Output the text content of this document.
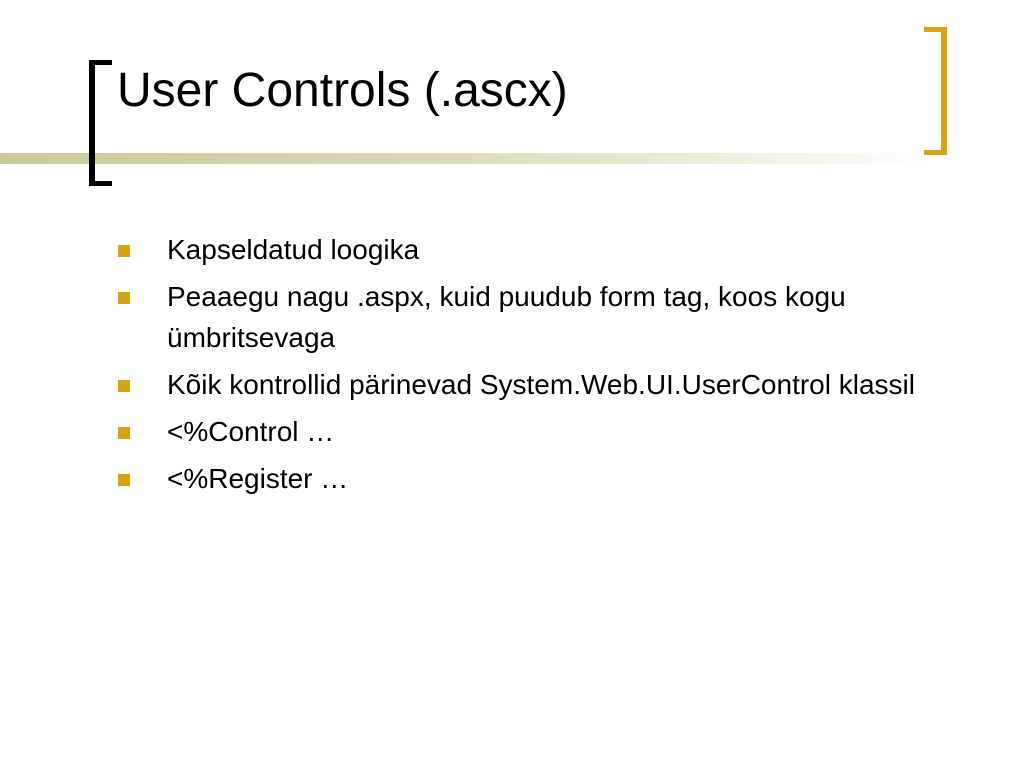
User Controls (.ascx)
Kapseldatud loogika
Peaaegu nagu .aspx, kuid puudub form tag, koos kogu ümbritsevaga
Kõik kontrollid pärinevad System.Web.UI.UserControl klassil
<%Control …
<%Register …
